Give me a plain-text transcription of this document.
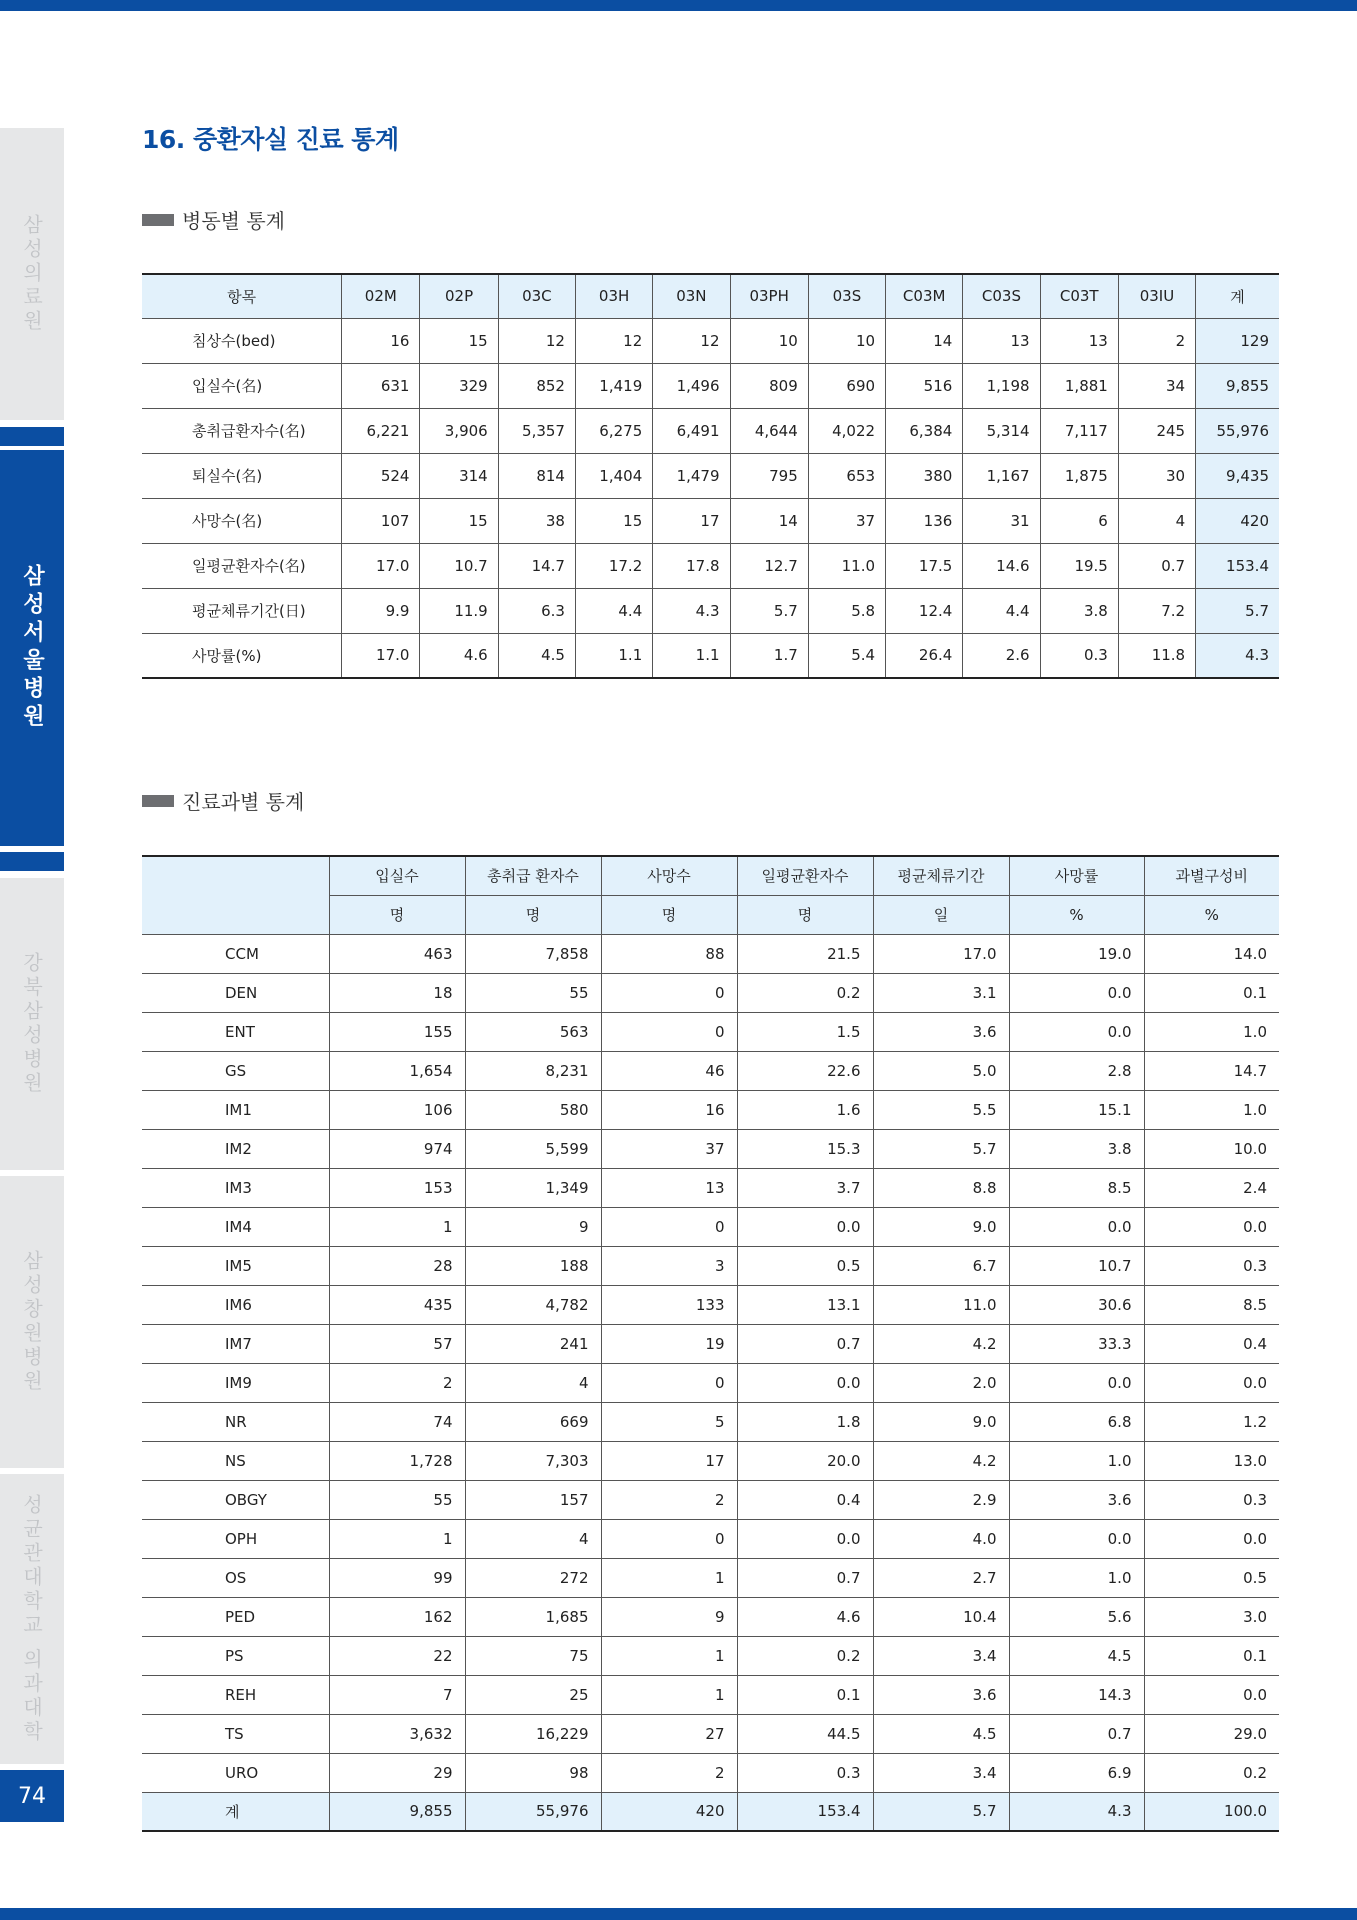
삼성의료원
삼성서울병원
강북삼성병원
삼성창원병원
성균관대학교 의과대학
74
16. 중환자실 진료 통계
병동별 통계
항목	02M	02P	03C	03H	03N	03PH	03S	C03M	C03S	C03T	03IU	계
침상수(bed)	16	15	12	12	12	10	10	14	13	13	2	129
입실수(名)	631	329	852	1,419	1,496	809	690	516	1,198	1,881	34	9,855
총취급환자수(名)	6,221	3,906	5,357	6,275	6,491	4,644	4,022	6,384	5,314	7,117	245	55,976
퇴실수(名)	524	314	814	1,404	1,479	795	653	380	1,167	1,875	30	9,435
사망수(名)	107	15	38	15	17	14	37	136	31	6	4	420
일평균환자수(名)	17.0	10.7	14.7	17.2	17.8	12.7	11.0	17.5	14.6	19.5	0.7	153.4
평균체류기간(日)	9.9	11.9	6.3	4.4	4.3	5.7	5.8	12.4	4.4	3.8	7.2	5.7
사망률(%)	17.0	4.6	4.5	1.1	1.1	1.7	5.4	26.4	2.6	0.3	11.8	4.3
진료과별 통계
	입실수	총취급 환자수	사망수	일평균환자수	평균체류기간	사망률	과별구성비
	명	명	명	명	일	%	%
CCM	463	7,858	88	21.5	17.0	19.0	14.0
DEN	18	55	0	0.2	3.1	0.0	0.1
ENT	155	563	0	1.5	3.6	0.0	1.0
GS	1,654	8,231	46	22.6	5.0	2.8	14.7
IM1	106	580	16	1.6	5.5	15.1	1.0
IM2	974	5,599	37	15.3	5.7	3.8	10.0
IM3	153	1,349	13	3.7	8.8	8.5	2.4
IM4	1	9	0	0.0	9.0	0.0	0.0
IM5	28	188	3	0.5	6.7	10.7	0.3
IM6	435	4,782	133	13.1	11.0	30.6	8.5
IM7	57	241	19	0.7	4.2	33.3	0.4
IM9	2	4	0	0.0	2.0	0.0	0.0
NR	74	669	5	1.8	9.0	6.8	1.2
NS	1,728	7,303	17	20.0	4.2	1.0	13.0
OBGY	55	157	2	0.4	2.9	3.6	0.3
OPH	1	4	0	0.0	4.0	0.0	0.0
OS	99	272	1	0.7	2.7	1.0	0.5
PED	162	1,685	9	4.6	10.4	5.6	3.0
PS	22	75	1	0.2	3.4	4.5	0.1
REH	7	25	1	0.1	3.6	14.3	0.0
TS	3,632	16,229	27	44.5	4.5	0.7	29.0
URO	29	98	2	0.3	3.4	6.9	0.2
계	9,855	55,976	420	153.4	5.7	4.3	100.0
